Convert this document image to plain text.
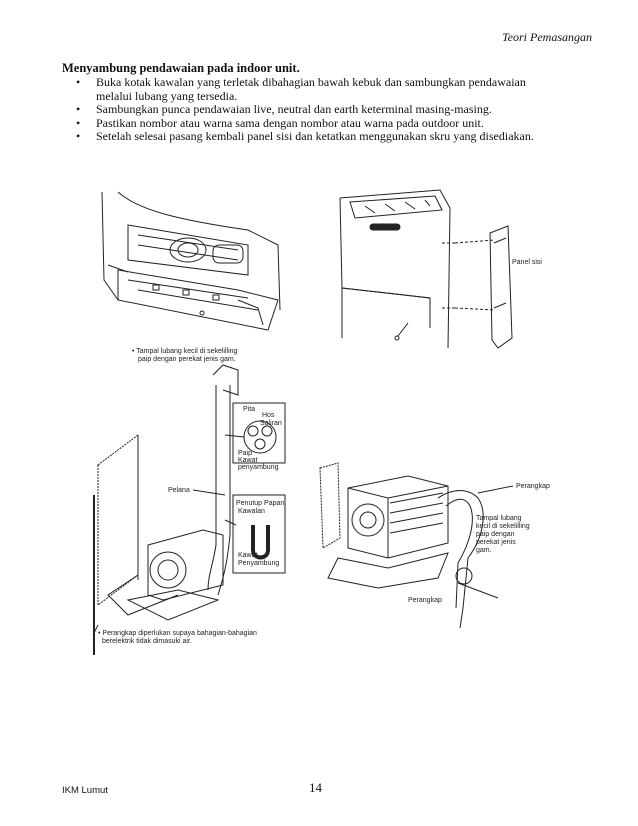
Teori Pemasangan
Menyambung pendawaian pada indoor unit.
• Buka kotak kawalan yang terletak dibahagian bawah kebuk dan sambungkan pendawaian melalui lubang yang tersedia.
• Sambungkan punca pendawaian live, neutral dan earth keterminal masing-masing.
• Pastikan nombor atau warna sama dengan nombor atau warna pada outdoor unit.
• Setelah selesai pasang kembali panel sisi dan ketatkan menggunakan skru yang disediakan.
Panel sisi
• Tampal lubang kecil di sekelilling
paip dengan perekat jenis gam.
Pita
Hos
Saliran
Paip
Kawat
penyambung
Pelana
Penutup Papan
Kawalan
Kawat
Penyambung
• Perangkap diperlukan supaya bahagian-bahagian
berelektrik tidak dimasuki air.
Perangkap
Tampal lubang
kecil di sekelilling
paip dengan
perekat jenis
gam.
Perangkap
IKM Lumut	14
